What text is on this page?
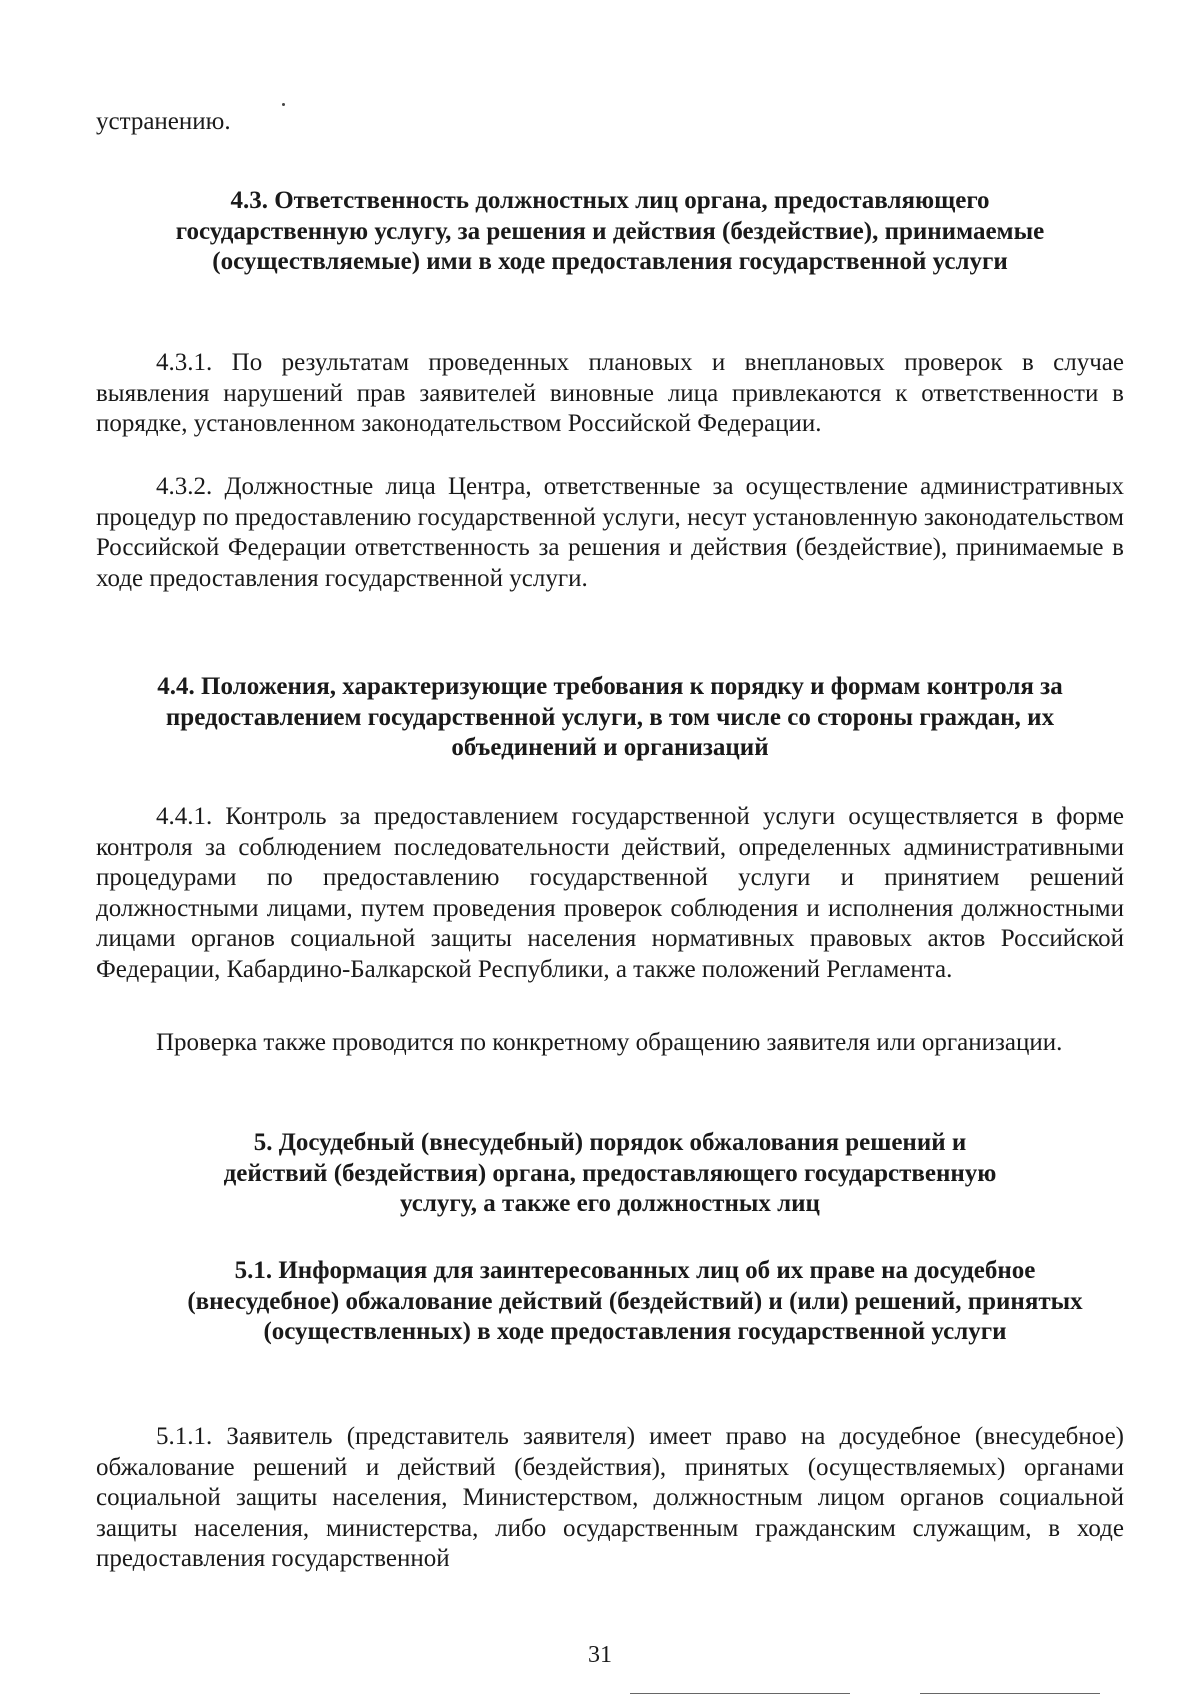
устранению.

4.3. Ответственность должностных лиц органа, предоставляющего государственную услугу, за решения и действия (бездействие), принимаемые (осуществляемые) ими в ходе предоставления государственной услуги

4.3.1. По результатам проведенных плановых и внеплановых проверок в случае выявления нарушений прав заявителей виновные лица привлекаются к ответственности в порядке, установленном законодательством Российской Федерации.

4.3.2. Должностные лица Центра, ответственные за осуществление административных процедур по предоставлению государственной услуги, несут установленную законодательством Российской Федерации ответственность за решения и действия (бездействие), принимаемые в ходе предоставления государственной услуги.

4.4. Положения, характеризующие требования к порядку и формам контроля за предоставлением государственной услуги, в том числе со стороны граждан, их объединений и организаций

4.4.1. Контроль за предоставлением государственной услуги осуществляется в форме контроля за соблюдением последовательности действий, определенных административными процедурами по предоставлению государственной услуги и принятием решений должностными лицами, путем проведения проверок соблюдения и исполнения должностными лицами органов социальной защиты населения нормативных правовых актов Российской Федерации, Кабардино-Балкарской Республики, а также положений Регламента.

Проверка также проводится по конкретному обращению заявителя или организации.

5. Досудебный (внесудебный) порядок обжалования решений и действий (бездействия) органа, предоставляющего государственную услугу, а также его должностных лиц

5.1. Информация для заинтересованных лиц об их праве на досудебное (внесудебное) обжалование действий (бездействий) и (или) решений, принятых (осуществленных) в ходе предоставления государственной услуги

5.1.1. Заявитель (представитель заявителя) имеет право на досудебное (внесудебное) обжалование решений и действий (бездействия), принятых (осуществляемых) органами социальной защиты населения, Министерством, должностным лицом органов социальной защиты населения, министерства, либо осударственным гражданским служащим, в ходе предоставления государственной

31
